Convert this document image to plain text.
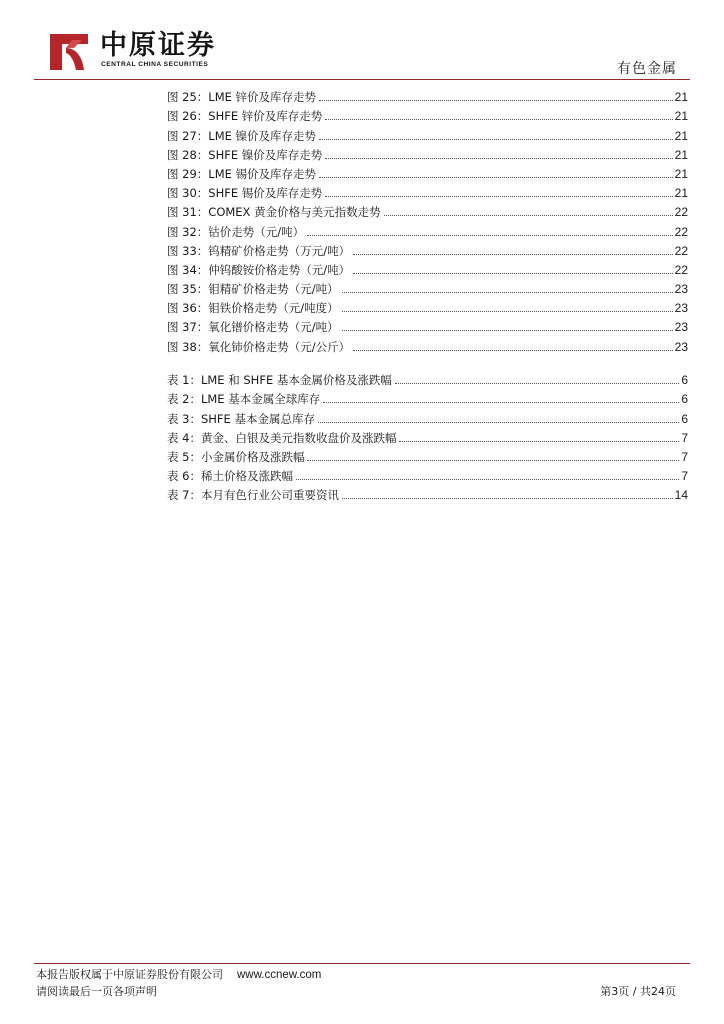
中原证券
CENTRAL CHINA SECURITIES	有色金属
图 25：LME 锌价及库存走势	21
图 26：SHFE 锌价及库存走势	21
图 27：LME 镍价及库存走势	21
图 28：SHFE 镍价及库存走势	21
图 29：LME 锡价及库存走势	21
图 30：SHFE 锡价及库存走势	21
图 31：COMEX 黄金价格与美元指数走势	22
图 32：钴价走势（元/吨）	22
图 33：钨精矿价格走势（万元/吨）	22
图 34：仲钨酸铵价格走势（元/吨）	22
图 35：钼精矿价格走势（元/吨）	23
图 36：钼铁价格走势（元/吨度）	23
图 37：氧化镨价格走势（元/吨）	23
图 38：氧化铈价格走势（元/公斤）	23
表 1：LME 和 SHFE 基本金属价格及涨跌幅	6
表 2：LME 基本金属全球库存	6
表 3：SHFE 基本金属总库存	6
表 4：黄金、白银及美元指数收盘价及涨跌幅	7
表 5：小金属价格及涨跌幅	7
表 6：稀土价格及涨跌幅	7
表 7：本月有色行业公司重要资讯	14
本报告版权属于中原证券股份有限公司 www.ccnew.com
请阅读最后一页各项声明	第3页 / 共24页
